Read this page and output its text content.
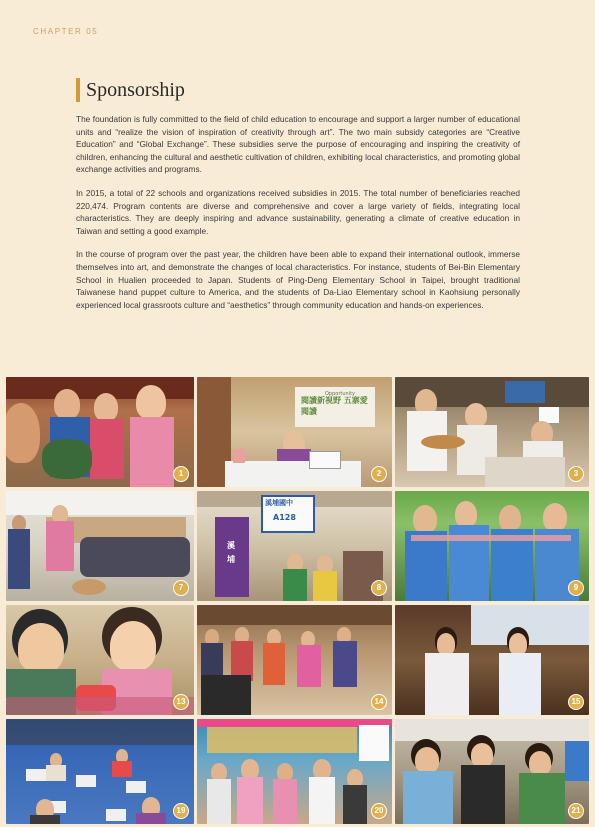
CHAPTER 05
Sponsorship

The foundation is fully committed to the field of child education to encourage and support a larger number of educational units and “realize the vision of inspiration of creativity through art”. The two main subsidy categories are “Creative Education” and “Global Exchange”. These subsidies serve the purpose of encouraging and inspiring the creativity of children, enhancing the cultural and aesthetic cultivation of children, exhibiting local characteristics, and promoting global exchange activities and programs.

In 2015, a total of 22 schools and organizations received subsidies in 2015. The total number of beneficiaries reached 220,474. Program contents are diverse and comprehensive and cover a large variety of fields, integrating local characteristics. They are deeply inspiring and advance sustainability, generating a climate of creative education in Taiwan and setting a good example.

In the course of program over the past year, the children have been able to expand their international outlook, immerse themselves into art, and demonstrate the changes of local characteristics. For instance, students of Bei-Bin Elementary School in Hualien proceeded to Japan. Students of Ping-Deng Elementary School in Taipei, brought traditional Taiwanese hand puppet culture to America, and the students of Da-Liao Elementary school in Kaohsiung personally experienced local grassroots culture and “aesthetics” through community education and hands-on experiences.

1
Opportunity
閱讀新視野 五寨愛閱讀
2	3
7
溪埔國中
A128
溪 埔
8	9
13	14	15
19	20	21
